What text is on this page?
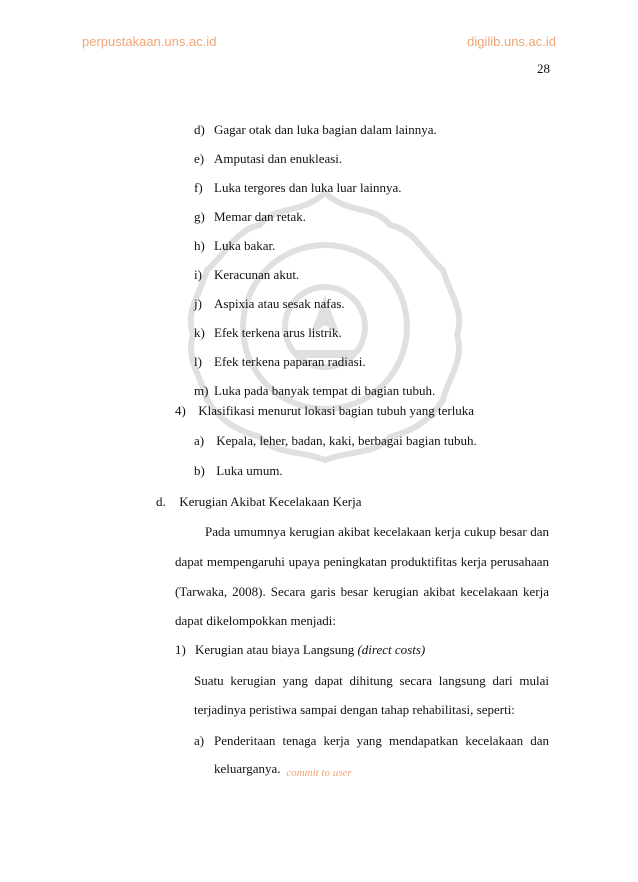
perpustakaan.uns.ac.id	digilib.uns.ac.id
28
d) Gagar otak dan luka bagian dalam lainnya.
e) Amputasi dan enukleasi.
f) Luka tergores dan luka luar lainnya.
g) Memar dan retak.
h) Luka bakar.
i) Keracunan akut.
j) Aspixia atau sesak nafas.
k) Efek terkena arus listrik.
l) Efek terkena paparan radiasi.
m) Luka pada banyak tempat di bagian tubuh.
4) Klasifikasi menurut lokasi bagian tubuh yang terluka
a) Kepala, leher, badan, kaki, berbagai bagian tubuh.
b) Luka umum.
d. Kerugian Akibat Kecelakaan Kerja
Pada umumnya kerugian akibat kecelakaan kerja cukup besar dan
dapat mempengaruhi upaya peningkatan produktifitas kerja perusahaan
(Tarwaka, 2008). Secara garis besar kerugian akibat kecelakaan kerja
dapat dikelompokkan menjadi:
1) Kerugian atau biaya Langsung (direct costs)
Suatu kerugian yang dapat dihitung secara langsung dari mulai
terjadinya peristiwa sampai dengan tahap rehabilitasi, seperti:
a) Penderitaan tenaga kerja yang mendapatkan kecelakaan dan
keluarganya. commit to user
